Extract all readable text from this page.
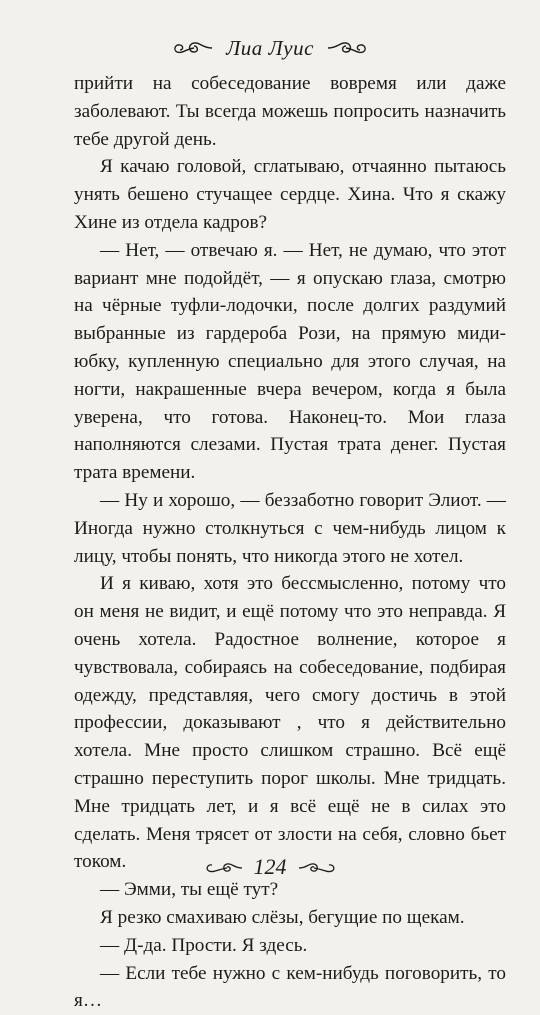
Лиа Луис

прийти на собеседование вовремя или даже заболевают. Ты всегда можешь попросить назначить тебе другой день.

Я качаю головой, сглатываю, отчаянно пытаюсь унять бешено стучащее сердце. Хина. Что я скажу Хине из отдела кадров?

— Нет, — отвечаю я. — Нет, не думаю, что этот вариант мне подойдёт, — я опускаю глаза, смотрю на чёрные туфли-лодочки, после долгих раздумий выбранные из гардероба Рози, на прямую миди-юбку, купленную специально для этого случая, на ногти, накрашенные вчера вечером, когда я была уверена, что готова. Наконец-то. Мои глаза наполняются слезами. Пустая трата денег. Пустая трата времени.

— Ну и хорошо, — беззаботно говорит Элиот. — Иногда нужно столкнуться с чем-нибудь лицом к лицу, чтобы понять, что никогда этого не хотел.

И я киваю, хотя это бессмысленно, потому что он меня не видит, и ещё потому что это неправда. Я очень хотела. Радостное волнение, которое я чувствовала, собираясь на собеседование, подбирая одежду, представляя, чего смогу достичь в этой профессии, доказывают , что я действительно хотела. Мне просто слишком страшно. Всё ещё страшно переступить порог школы. Мне тридцать. Мне тридцать лет, и я всё ещё не в силах это сделать. Меня трясет от злости на себя, словно бьет током.

— Эмми, ты ещё тут?

Я резко смахиваю слёзы, бегущие по щекам.

— Д-да. Прости. Я здесь.

— Если тебе нужно с кем-нибудь поговорить, то я…

124
